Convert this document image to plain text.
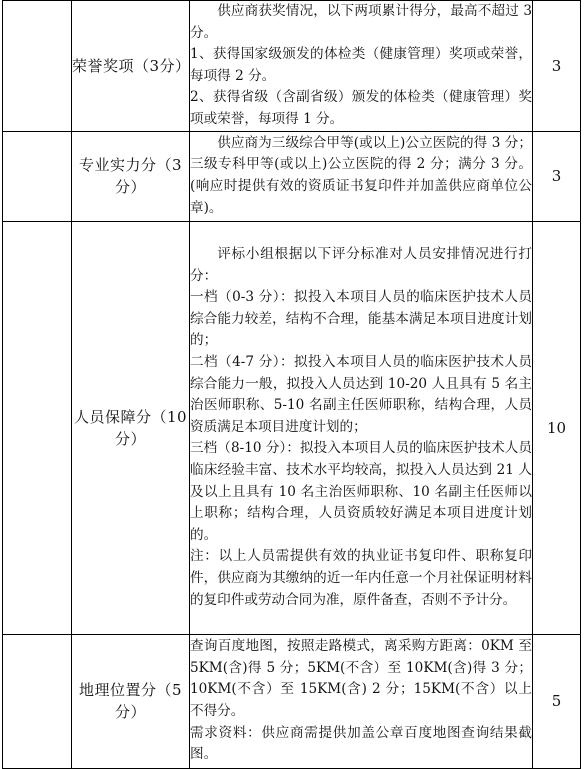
	荣誉奖项（3分）	供应商获奖情况，以下两项累计得分，最高不超过 3 分。
1、获得国家级颁发的体检类（健康管理）奖项或荣誉，每项得 2 分。
2、获得省级（含副省级）颁发的体检类（健康管理）奖项或荣誉，每项得 1 分。	3
	专业实力分（3分）	供应商为三级综合甲等(或以上)公立医院的得 3 分；三级专科甲等(或以上)公立医院的得 2 分；满分 3 分。(响应时提供有效的资质证书复印件并加盖供应商单位公章)。	3
	人员保障分（10分）	评标小组根据以下评分标准对人员安排情况进行打分：
一档（0-3 分）：拟投入本项目人员的临床医护技术人员综合能力较差，结构不合理，能基本满足本项目进度计划的；
二档（4-7 分）：拟投入本项目人员的临床医护技术人员综合能力一般，拟投入人员达到 10-20 人且具有 5 名主治医师职称、5-10 名副主任医师职称，结构合理，人员资质满足本项目进度计划的；
三档（8-10 分）：拟投入本项目人员的临床医护技术人员临床经验丰富、技术水平均较高，拟投入人员达到 21 人及以上且具有 10 名主治医师职称、10 名副主任医师以上职称；结构合理，人员资质较好满足本项目进度计划的。
注：以上人员需提供有效的执业证书复印件、职称复印件，供应商为其缴纳的近一年内任意一个月社保证明材料的复印件或劳动合同为准，原件备查，否则不予计分。	10
	地理位置分（5分）	查询百度地图，按照走路模式，离采购方距离：0KM 至 5KM(含)得 5 分；5KM(不含）至 10KM(含)得 3 分；10KM(不含）至 15KM(含) 2 分；15KM(不含）以上不得分。
需求资料：供应商需提供加盖公章百度地图查询结果截图。	5
